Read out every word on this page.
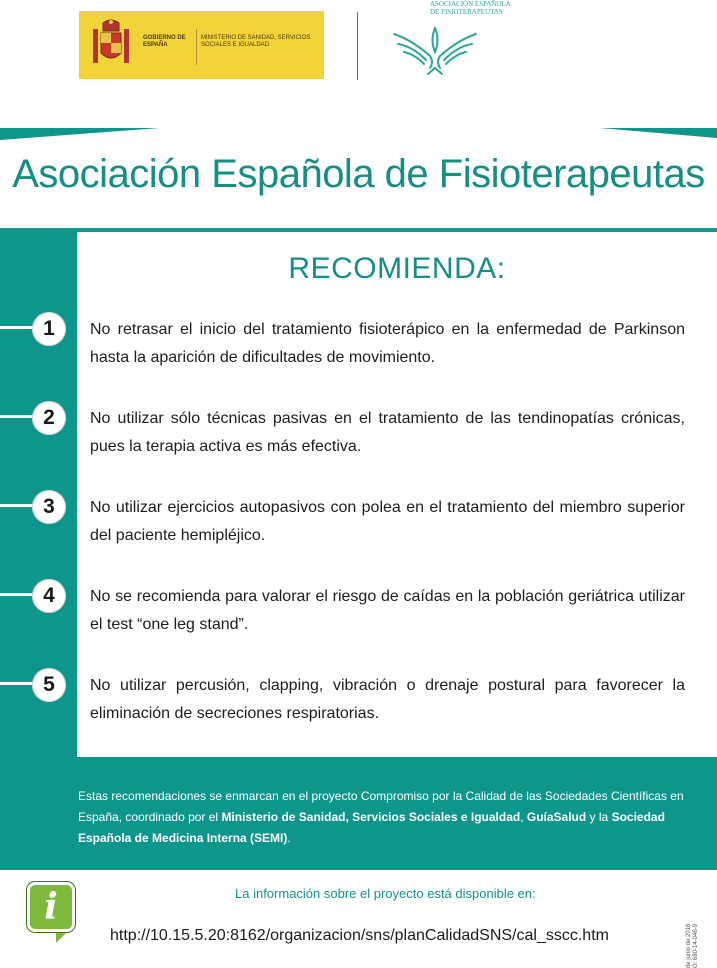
GOBIERNO DE ESPAÑA
MINISTERIO DE SANIDAD, SERVICIOS SOCIALES E IGUALDAD
ASOCIACIÓN ESPAÑOLA DE FISIOTERAPEUTAS
Asociación Española de Fisioterapeutas
RECOMIENDA:
1	No retrasar el inicio del tratamiento fisioterápico en la enfermedad de Parkinson hasta la aparición de dificultades de movimiento.

2	No utilizar sólo técnicas pasivas en el tratamiento de las tendinopatías crónicas, pues la terapia activa es más efectiva.

3	No utilizar ejercicios autopasivos con polea en el tratamiento del miembro superior del paciente hemipléjico.

4	No se recomienda para valorar el riesgo de caídas en la población geriátrica utilizar el test “one leg stand”.

5	No utilizar percusión, clapping, vibración o drenaje postural para favorecer la eliminación de secreciones respiratorias.

Estas recomendaciones se enmarcan en el proyecto Compromiso por la Calidad de las Sociedades Científicas en España, coordinado por el Ministerio de Sanidad, Servicios Sociales e Igualdad, GuíaSalud y la Sociedad Española de Medicina Interna (SEMI).

i	La información sobre el proyecto está disponible en:

http://10.15.5.20:8162/organizacion/sns/planCalidadSNS/cal_sscc.htm	de junio de 2016 O: 680-14-046-9
